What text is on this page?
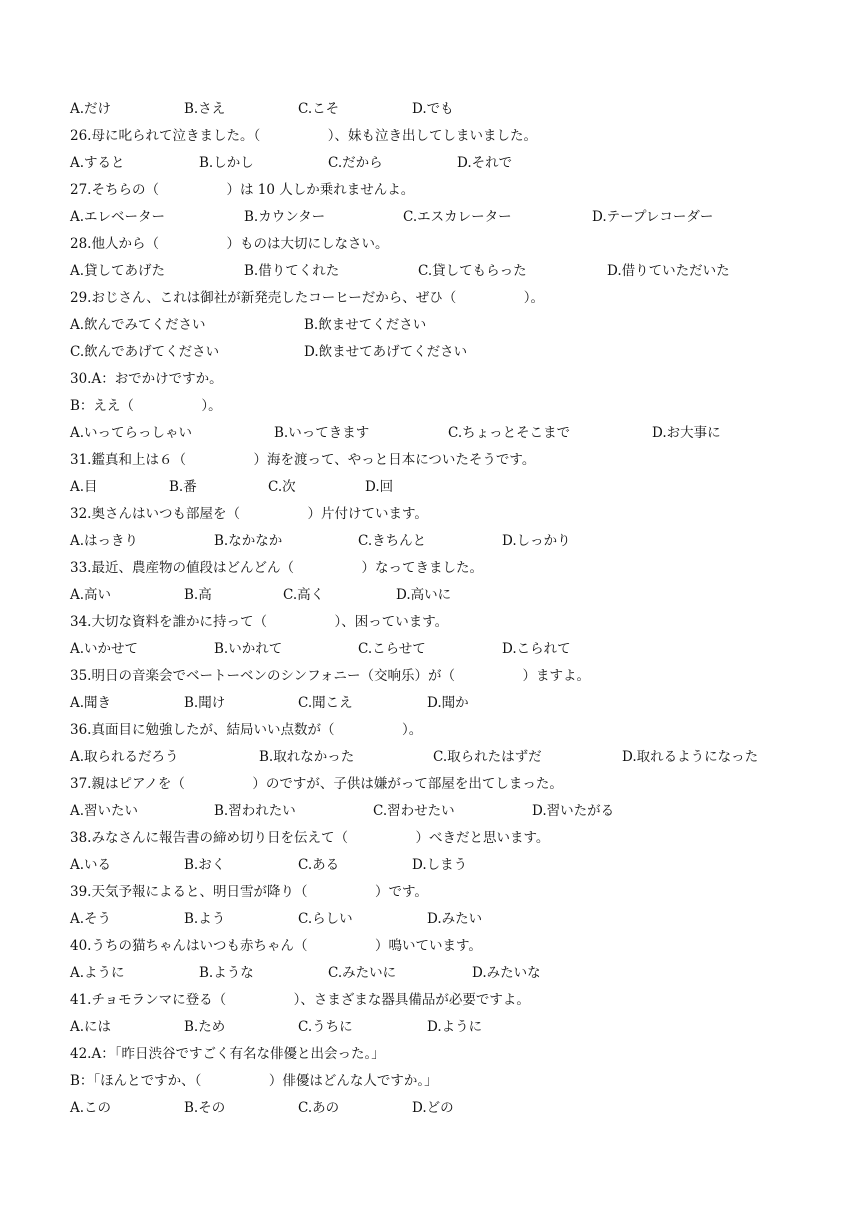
A.だけ	B.さえ	C.こそ	D.でも
26.母に叱られて泣きました。（　　　　　）、妹も泣き出してしまいました。
A.すると	B.しかし	C.だから	D.それで
27.そちらの（　　　　　）は 10 人しか乗れませんよ。
A.エレベーター	B.カウンター	C.エスカレーター	D.テープレコーダー
28.他人から（　　　　　）ものは大切にしなさい。
A.貸してあげた	B.借りてくれた	C.貸してもらった	D.借りていただいた
29.おじさん、これは御社が新発売したコーヒーだから、ぜひ（　　　　　）。
A.飲んでみてください	B.飲ませてください
C.飲んであげてください	D.飲ませてあげてください
30.A：おでかけですか。
B：ええ（　　　　　）。
A.いってらっしゃい	B.いってきます	C.ちょっとそこまで	D.お大事に
31.鑑真和上は６（　　　　　）海を渡って、やっと日本についたそうです。
A.目	B.番	C.次	D.回
32.奥さんはいつも部屋を（　　　　　）片付けています。
A.はっきり	B.なかなか	C.きちんと	D.しっかり
33.最近、農産物の値段はどんどん（　　　　　）なってきました。
A.高い	B.高	C.高く	D.高いに
34.大切な資料を誰かに持って（　　　　　）、困っています。
A.いかせて	B.いかれて	C.こらせて	D.こられて
35.明日の音楽会でベートーベンのシンフォニー（交响乐）が（　　　　　）ますよ。
A.聞き	B.聞け	C.聞こえ	D.聞か
36.真面目に勉強したが、結局いい点数が（　　　　　）。
A.取られるだろう	B.取れなかった	C.取られたはずだ	D.取れるようになった
37.親はピアノを（　　　　　）のですが、子供は嫌がって部屋を出てしまった。
A.習いたい	B.習われたい	C.習わせたい	D.習いたがる
38.みなさんに報告書の締め切り日を伝えて（　　　　　）べきだと思います。
A.いる	B.おく	C.ある	D.しまう
39.天気予報によると、明日雪が降り（　　　　　）です。
A.そう	B.よう	C.らしい	D.みたい
40.うちの猫ちゃんはいつも赤ちゃん（　　　　　）鳴いています。
A.ように	B.ような	C.みたいに	D.みたいな
41.チョモランマに登る（　　　　　）、さまざまな器具備品が必要ですよ。
A.には	B.ため	C.うちに	D.ように
42.A：「昨日渋谷ですごく有名な俳優と出会った。」
B：「ほんとですか、（　　　　　）俳優はどんな人ですか。」
A.この	B.その	C.あの	D.どの
